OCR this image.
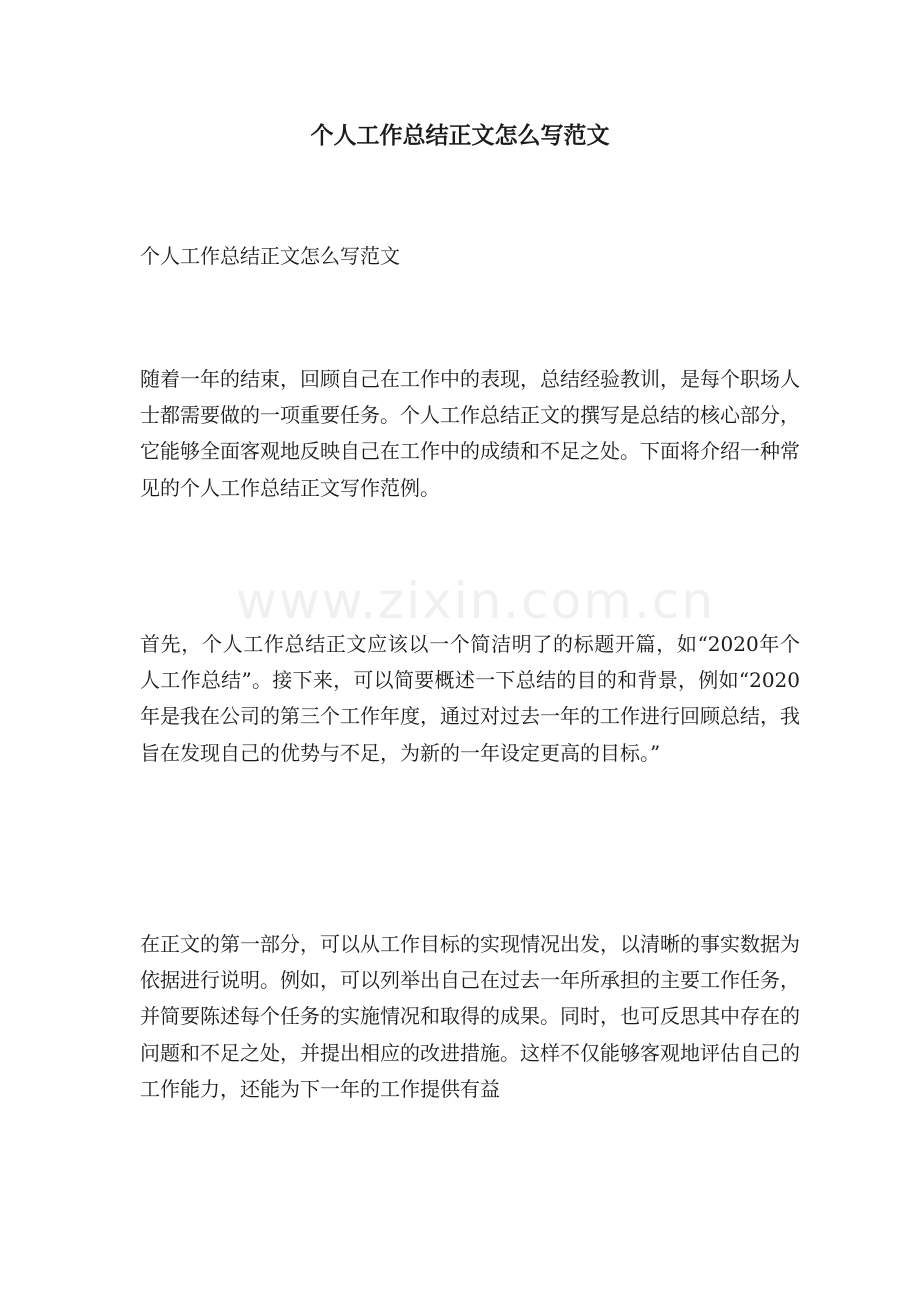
www.zixin.com.cn
个人工作总结正文怎么写范文

个人工作总结正文怎么写范文

随着一年的结束，回顾自己在工作中的表现，总结经验教训，是每个职场人士都需要做的一项重要任务。个人工作总结正文的撰写是总结的核心部分，它能够全面客观地反映自己在工作中的成绩和不足之处。下面将介绍一种常见的个人工作总结正文写作范例。

首先，个人工作总结正文应该以一个简洁明了的标题开篇，如“2020年个人工作总结”。接下来，可以简要概述一下总结的目的和背景，例如“2020年是我在公司的第三个工作年度，通过对过去一年的工作进行回顾总结，我旨在发现自己的优势与不足，为新的一年设定更高的目标。”

在正文的第一部分，可以从工作目标的实现情况出发，以清晰的事实数据为依据进行说明。例如，可以列举出自己在过去一年所承担的主要工作任务，并简要陈述每个任务的实施情况和取得的成果。同时，也可反思其中存在的问题和不足之处，并提出相应的改进措施。这样不仅能够客观地评估自己的工作能力，还能为下一年的工作提供有益
